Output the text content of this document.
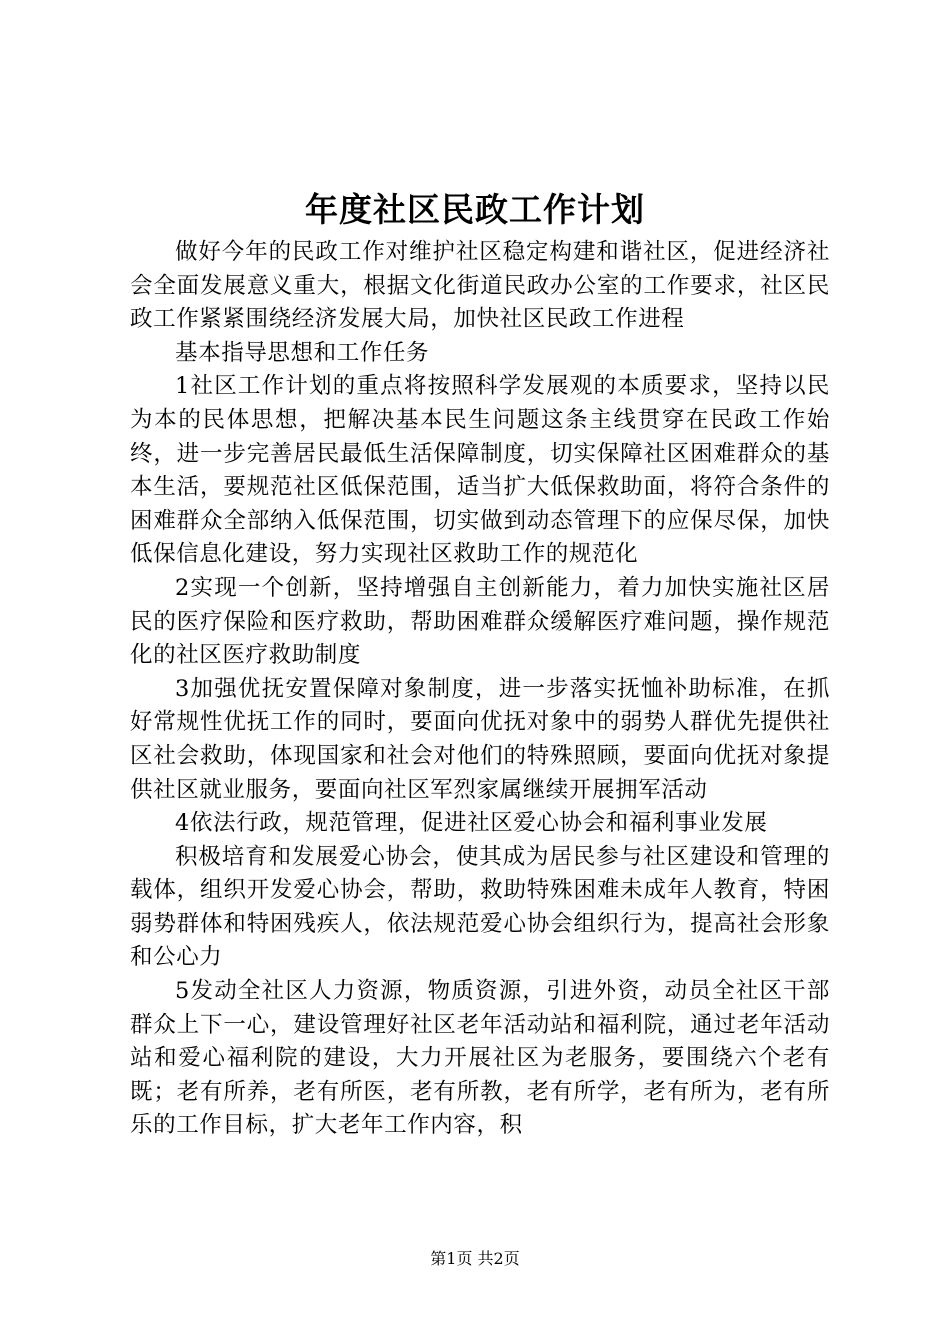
年度社区民政工作计划

做好今年的民政工作对维护社区稳定构建和谐社区，促进经济社会全面发展意义重大，根据文化街道民政办公室的工作要求，社区民政工作紧紧围绕经济发展大局，加快社区民政工作进程

基本指导思想和工作任务

1社区工作计划的重点将按照科学发展观的本质要求，坚持以民为本的民体思想，把解决基本民生问题这条主线贯穿在民政工作始终，进一步完善居民最低生活保障制度，切实保障社区困难群众的基本生活，要规范社区低保范围，适当扩大低保救助面，将符合条件的困难群众全部纳入低保范围，切实做到动态管理下的应保尽保，加快低保信息化建设，努力实现社区救助工作的规范化

2实现一个创新，坚持增强自主创新能力，着力加快实施社区居民的医疗保险和医疗救助，帮助困难群众缓解医疗难问题，操作规范化的社区医疗救助制度

3加强优抚安置保障对象制度，进一步落实抚恤补助标准，在抓好常规性优抚工作的同时，要面向优抚对象中的弱势人群优先提供社区社会救助，体现国家和社会对他们的特殊照顾，要面向优抚对象提供社区就业服务，要面向社区军烈家属继续开展拥军活动

4依法行政，规范管理，促进社区爱心协会和福利事业发展

积极培育和发展爱心协会，使其成为居民参与社区建设和管理的载体，组织开发爱心协会，帮助，救助特殊困难未成年人教育，特困弱势群体和特困残疾人，依法规范爱心协会组织行为，提高社会形象和公心力

5发动全社区人力资源，物质资源，引进外资，动员全社区干部群众上下一心，建设管理好社区老年活动站和福利院，通过老年活动站和爱心福利院的建设，大力开展社区为老服务，要围绕六个老有既；老有所养，老有所医，老有所教，老有所学，老有所为，老有所乐的工作目标，扩大老年工作内容，积

第1页 共2页
